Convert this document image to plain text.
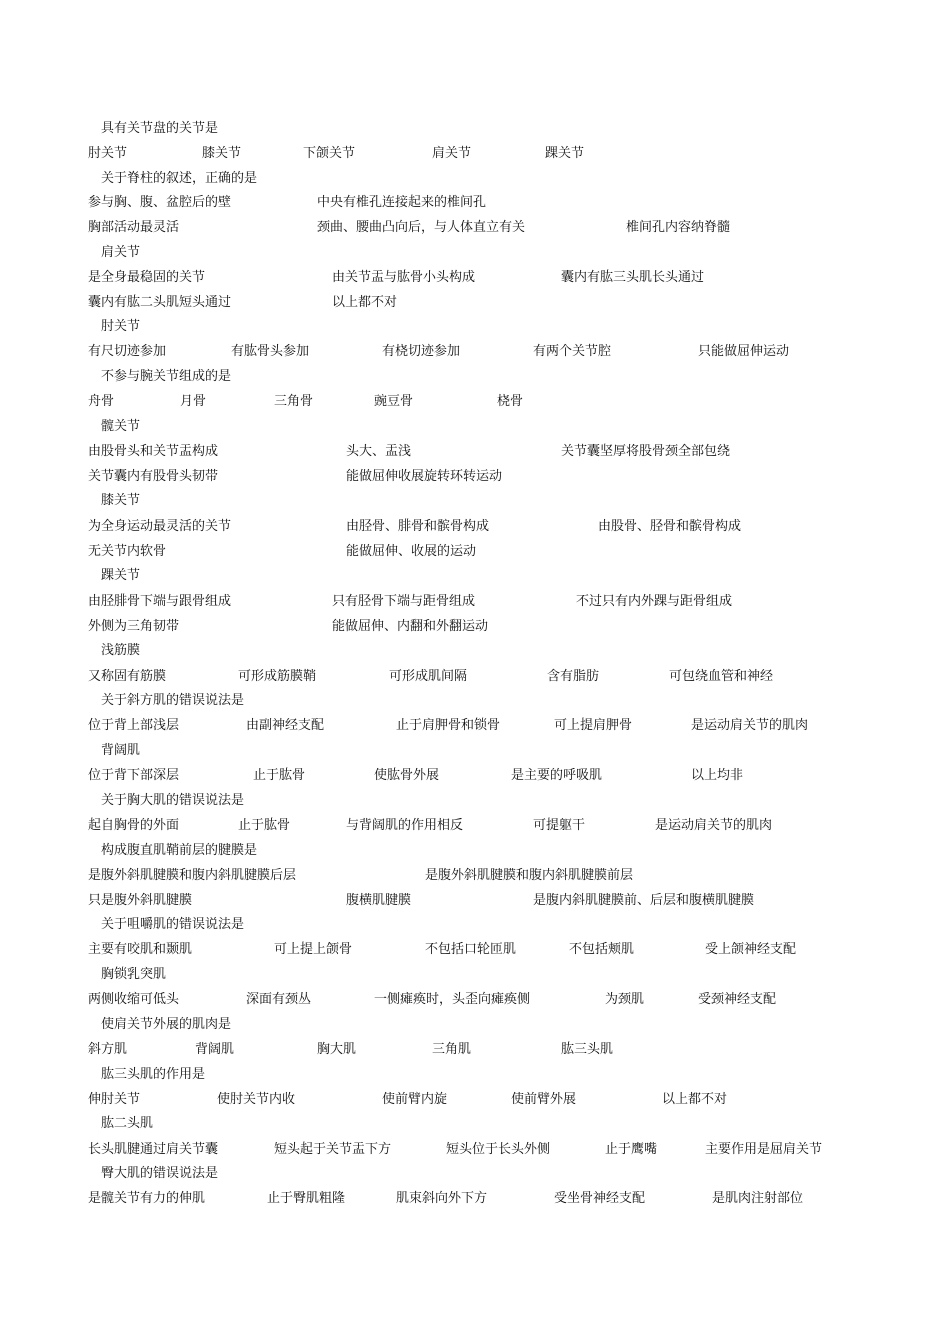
具有关节盘的关节是
肘关节	膝关节	下颌关节	肩关节	踝关节
关于脊柱的叙述，正确的是
参与胸、腹、盆腔后的壁	中央有椎孔连接起来的椎间孔
胸部活动最灵活	颈曲、腰曲凸向后，与人体直立有关	椎间孔内容纳脊髓
肩关节
是全身最稳固的关节	由关节盂与肱骨小头构成	囊内有肱三头肌长头通过
囊内有肱二头肌短头通过	以上都不对
肘关节
有尺切迹参加	有肱骨头参加	有桡切迹参加	有两个关节腔	只能做屈伸运动
不参与腕关节组成的是
舟骨	月骨	三角骨	豌豆骨	桡骨
髋关节
由股骨头和关节盂构成	头大、盂浅	关节囊坚厚将股骨颈全部包绕
关节囊内有股骨头韧带	能做屈伸收展旋转环转运动
膝关节
为全身运动最灵活的关节	由胫骨、腓骨和髌骨构成	由股骨、胫骨和髌骨构成
无关节内软骨	能做屈伸、收展的运动
踝关节
由胫腓骨下端与跟骨组成	只有胫骨下端与距骨组成	不过只有内外踝与距骨组成
外侧为三角韧带	能做屈伸、内翻和外翻运动
浅筋膜
又称固有筋膜	可形成筋膜鞘	可形成肌间隔	含有脂肪	可包绕血管和神经
关于斜方肌的错误说法是
位于背上部浅层	由副神经支配	止于肩胛骨和锁骨	可上提肩胛骨	是运动肩关节的肌肉
背阔肌
位于背下部深层	止于肱骨	使肱骨外展	是主要的呼吸肌	以上均非
关于胸大肌的错误说法是
起自胸骨的外面	止于肱骨	与背阔肌的作用相反	可提躯干	是运动肩关节的肌肉
构成腹直肌鞘前层的腱膜是
是腹外斜肌腱膜和腹内斜肌腱膜后层	是腹外斜肌腱膜和腹内斜肌腱膜前层
只是腹外斜肌腱膜	腹横肌腱膜	是腹内斜肌腱膜前、后层和腹横肌腱膜
关于咀嚼肌的错误说法是
主要有咬肌和颞肌	可上提上颌骨	不包括口轮匝肌	不包括颊肌	受上颌神经支配
胸锁乳突肌
两侧收缩可低头	深面有颈丛	一侧瘫痪时，头歪向瘫痪侧	为颈肌	受颈神经支配
使肩关节外展的肌肉是
斜方肌	背阔肌	胸大肌	三角肌	肱三头肌
肱三头肌的作用是
伸肘关节	使肘关节内收	使前臂内旋	使前臂外展	以上都不对
肱二头肌
长头肌腱通过肩关节囊	短头起于关节盂下方	短头位于长头外侧	止于鹰嘴	主要作用是屈肩关节
臀大肌的错误说法是
是髋关节有力的伸肌	止于臀肌粗隆	肌束斜向外下方	受坐骨神经支配	是肌肉注射部位
